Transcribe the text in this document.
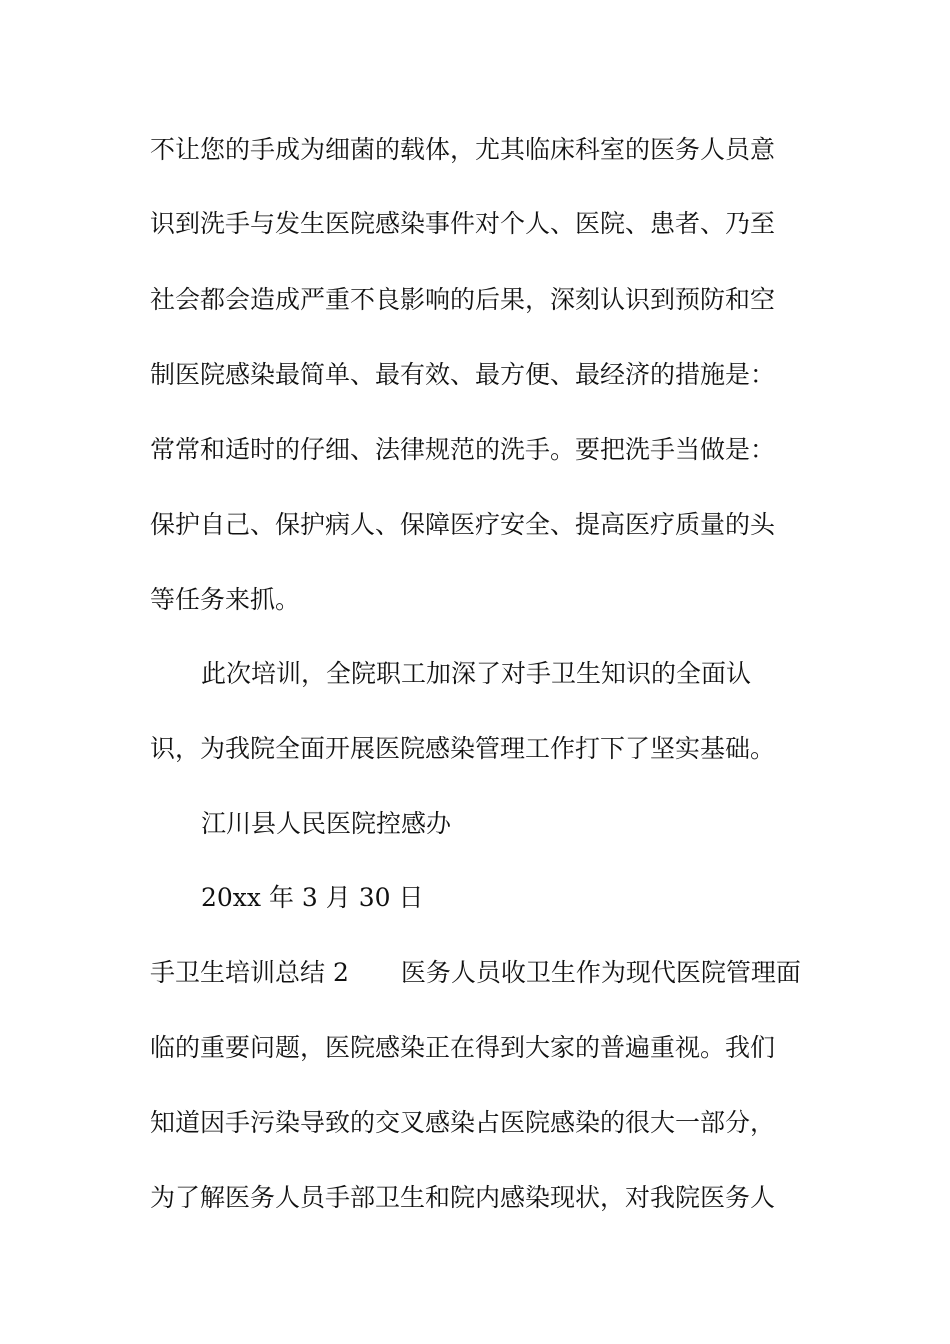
不让您的手成为细菌的载体，尤其临床科室的医务人员意
识到洗手与发生医院感染事件对个人、医院、患者、乃至
社会都会造成严重不良影响的后果，深刻认识到预防和空
制医院感染最简单、最有效、最方便、最经济的措施是：
常常和适时的仔细、法律规范的洗手。要把洗手当做是：
保护自己、保护病人、保障医疗安全、提高医疗质量的头
等任务来抓。
此次培训，全院职工加深了对手卫生知识的全面认
识，为我院全面开展医院感染管理工作打下了坚实基础。
江川县人民医院控感办
20xx 年 3 月 30 日
手卫生培训总结 2 医务人员收卫生作为现代医院管理面
临的重要问题，医院感染正在得到大家的普遍重视。我们
知道因手污染导致的交叉感染占医院感染的很大一部分，
为了解医务人员手部卫生和院内感染现状，对我院医务人
